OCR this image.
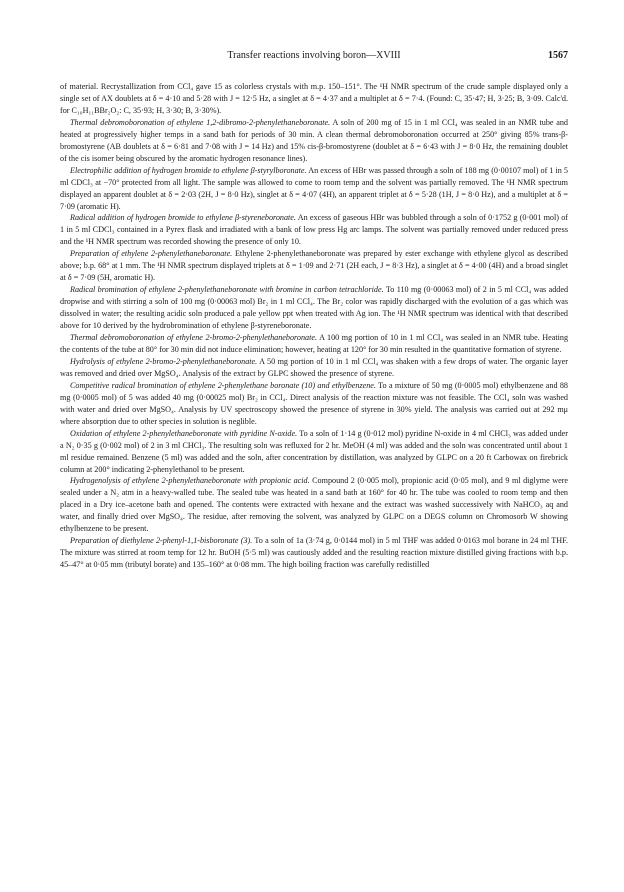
Transfer reactions involving boron—XVIII	1567

of material. Recrystallization from CCl₄ gave 15 as colorless crystals with m.p. 150–151°. The ¹H NMR spectrum of the crude sample displayed only a single set of AX doublets at δ = 4·10 and 5·28 with J = 12·5 Hz, a singlet at δ = 4·37 and a multiplet at δ = 7·4. (Found: C, 35·47; H, 3·25; B, 3·09. Calc'd. for C₁₀H₁₁BBr₂O₂: C, 35·93; H, 3·30; B, 3·30%).

Thermal debromoboronation of ethylene 1,2-dibromo-2-phenylethaneboronate. A soln of 200 mg of 15 in 1 ml CCl₄ was sealed in an NMR tube and heated at progressively higher temps in a sand bath for periods of 30 min. A clean thermal debromoboronation occurred at 250° giving 85% trans-β-bromostyrene (AB doublets at δ = 6·81 and 7·08 with J = 14 Hz) and 15% cis-β-bromostyrene (doublet at δ = 6·43 with J = 8·0 Hz, the remaining doublet of the cis isomer being obscured by the aromatic hydrogen resonance lines).

Electrophilic addition of hydrogen bromide to ethylene β-styrylboronate. An excess of HBr was passed through a soln of 188 mg (0·00107 mol) of 1 in 5 ml CDCl₃ at −70° protected from all light. The sample was allowed to come to room temp and the solvent was partially removed. The ¹H NMR spectrum displayed an apparent doublet at δ = 2·03 (2H, J = 8·0 Hz), singlet at δ = 4·07 (4H), an apparent triplet at δ = 5·28 (1H, J = 8·0 Hz), and a multiplet at δ = 7·09 (aromatic H).

Radical addition of hydrogen bromide to ethylene β-styreneboronate. An excess of gaseous HBr was bubbled through a soln of 0·1752 g (0·001 mol) of 1 in 5 ml CDCl₃ contained in a Pyrex flask and irradiated with a bank of low press Hg arc lamps. The solvent was partially removed under reduced press and the ¹H NMR spectrum was recorded showing the presence of only 10.

Preparation of ethylene 2-phenylethaneboronate. Ethylene 2-phenylethaneboronate was prepared by ester exchange with ethylene glycol as described above; b.p. 68° at 1 mm. The ¹H NMR spectrum displayed triplets at δ = 1·09 and 2·71 (2H each, J = 8·3 Hz), a singlet at δ = 4·00 (4H) and a broad singlet at δ = 7·09 (5H, aromatic H).

Radical bromination of ethylene 2-phenylethaneboronate with bromine in carbon tetrachloride. To 110 mg (0·00063 mol) of 2 in 5 ml CCl₄ was added dropwise and with stirring a soln of 100 mg (0·00063 mol) Br₂ in 1 ml CCl₄. The Br₂ color was rapidly discharged with the evolution of a gas which was dissolved in water; the resulting acidic soln produced a pale yellow ppt when treated with Ag ion. The ¹H NMR spectrum was identical with that described above for 10 derived by the hydrobromination of ethylene β-styreneboronate.

Thermal debromoboronation of ethylene 2-bromo-2-phenylethaneboronate. A 100 mg portion of 10 in 1 ml CCl₄ was sealed in an NMR tube. Heating the contents of the tube at 80° for 30 min did not induce elimination; however, heating at 120° for 30 min resulted in the quantitative formation of styrene.

Hydrolysis of ethylene 2-bromo-2-phenylethaneboronate. A 50 mg portion of 10 in 1 ml CCl₄ was shaken with a few drops of water. The organic layer was removed and dried over MgSO₄. Analysis of the extract by GLPC showed the presence of styrene.

Competitive radical bromination of ethylene 2-phenylethane boronate (10) and ethylbenzene. To a mixture of 50 mg (0·0005 mol) ethylbenzene and 88 mg (0·0005 mol) of 5 was added 40 mg (0·00025 mol) Br₂ in CCl₄. Direct analysis of the reaction mixture was not feasible. The CCl₄ soln was washed with water and dried over MgSO₄. Analysis by UV spectroscopy showed the presence of styrene in 30% yield. The analysis was carried out at 292 mμ where absorption due to other species in solution is neglible.

Oxidation of ethylene 2-phenylethaneboronate with pyridine N-oxide. To a soln of 1·14 g (0·012 mol) pyridine N-oxide in 4 ml CHCl₃ was added under a N₂ 0·35 g (0·002 mol) of 2 in 3 ml CHCl₃. The resulting soln was refluxed for 2 hr. MeOH (4 ml) was added and the soln was concentrated until about 1 ml residue remained. Benzene (5 ml) was added and the soln, after concentration by distillation, was analyzed by GLPC on a 20 ft Carbowax on firebrick column at 200° indicating 2-phenylethanol to be present.

Hydrogenolysis of ethylene 2-phenylethaneboronate with propionic acid. Compound 2 (0·005 mol), propionic acid (0·05 mol), and 9 ml diglyme were sealed under a N₂ atm in a heavy-walled tube. The sealed tube was heated in a sand bath at 160° for 40 hr. The tube was cooled to room temp and then placed in a Dry ice–acetone bath and opened. The contents were extracted with hexane and the extract was washed successively with NaHCO₃ aq and water, and finally dried over MgSO₄. The residue, after removing the solvent, was analyzed by GLPC on a DEGS column on Chromosorb W showing ethylbenzene to be present.

Preparation of diethylene 2-phenyl-1,1-bisboronate (3). To a soln of 1a (3·74 g, 0·0144 mol) in 5 ml THF was added 0·0163 mol borane in 24 ml THF. The mixture was stirred at room temp for 12 hr. BuOH (5·5 ml) was cautiously added and the resulting reaction mixture distilled giving fractions with b.p. 45–47° at 0·05 mm (tributyl borate) and 135–160° at 0·08 mm. The high boiling fraction was carefully redistilled
